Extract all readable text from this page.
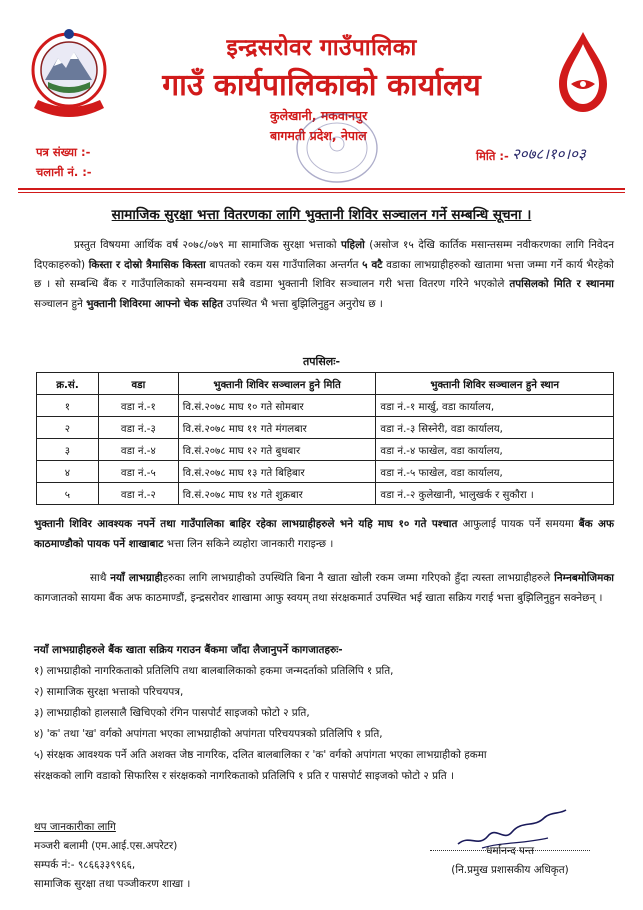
इन्द्रसरोवर गाउँपालिका
गाउँ कार्यपालिकाको कार्यालय
कुलेखानी, मकवानपुर
बागमती प्रदेश, नेपाल
पत्र संख्या :-
चलानी नं. :-
मिति :- २०७८।१०।०३
सामाजिक सुरक्षा भत्ता वितरणका लागि भुक्तानी शिविर सञ्चालन गर्ने सम्बन्धि सूचना ।

प्रस्तुत विषयमा आर्थिक वर्ष २०७८/०७९ मा सामाजिक सुरक्षा भत्ताको पहिलो (असोज १५ देखि कार्तिक मसान्तसम्म नवीकरणका लागि निवेदन दिएकाहरुको) किस्ता र दोस्रो त्रैमासिक किस्ता बापतको रकम यस गाउँपालिका अन्तर्गत ५ वटै वडाका लाभग्राहीहरुको खातामा भत्ता जम्मा गर्ने कार्य भैरहेको छ । सो सम्बन्धि बैंक र गाउँपालिकाको समन्वयमा सबै वडामा भुक्तानी शिविर सञ्चालन गरी भत्ता वितरण गरिने भएकोले तपसिलको मिति र स्थानमा सञ्चालन हुने भुक्तानी शिविरमा आफ्नो चेक सहित उपस्थित भै भत्ता बुझिलिनुहुन अनुरोध छ ।

तपसिलः-
क्र.सं.	वडा	भुक्तानी शिविर सञ्चालन हुने मिति	भुक्तानी शिविर सञ्चालन हुने स्थान
१	वडा नं.-१	वि.सं.२०७८ माघ १० गते सोमबार	वडा नं.-१ मार्खु, वडा कार्यालय,
२	वडा नं.-३	वि.सं.२०७८ माघ ११ गते मंगलबार	वडा नं.-३ सिस्नेरी, वडा कार्यालय,
३	वडा नं.-४	वि.सं.२०७८ माघ १२ गते बुधबार	वडा नं.-४ फाखेल, वडा कार्यालय,
४	वडा नं.-५	वि.सं.२०७८ माघ १३ गते बिहिबार	वडा नं.-५ फाखेल, वडा कार्यालय,
५	वडा नं.-२	वि.सं.२०७८ माघ १४ गते शुक्रबार	वडा नं.-२ कुलेखानी, भालुखर्क र सुकौरा ।

भुक्तानी शिविर आवश्यक नपर्ने तथा गाउँपालिका बाहिर रहेका लाभग्राहीहरुले भने यहि माघ १० गते पश्चात आफुलाई पायक पर्ने समयमा बैंक अफ काठमाण्डौको पायक पर्ने शाखाबाट भत्ता लिन सकिने व्यहोरा जानकारी गराइन्छ ।

साथै नयाँ लाभग्राहीहरुका लागि लाभग्राहीको उपस्थिति बिना नै खाता खोली रकम जम्मा गरिएको हुँदा त्यस्ता लाभग्राहीहरुले निम्नबमोजिमका कागजातको सायमा बैंक अफ काठमाण्डौं, इन्द्रसरोवर शाखामा आफु स्वयम् तथा संरक्षकमार्त उपस्थित भई खाता सक्रिय गराई भत्ता बुझिलिनुहुन सक्नेछन् ।

नयाँ लाभग्राहीहरुले बैंक खाता सक्रिय गराउन बैंकमा जाँदा लैजानुपर्ने कागजातहरुः-
१) लाभग्राहीको नागरिकताको प्रतिलिपि तथा बालबालिकाको हकमा जन्मदर्ताको प्रतिलिपि १ प्रति,
२) सामाजिक सुरक्षा भत्ताको परिचयपत्र,
३) लाभग्राहीको हालसालै खिचिएको रंगिन पासपोर्ट साइजको फोटो २ प्रति,
४) 'क' तथा 'ख' वर्गको अपांगता भएका लाभग्राहीको अपांगता परिचयपत्रको प्रतिलिपि १ प्रति,
५) संरक्षक आवश्यक पर्ने अति अशक्त जेष्ठ नागरिक, दलित बालबालिका र 'क' वर्गको अपांगता भएका लाभग्राहीको हकमा
संरक्षकको लागि वडाको सिफारिस र संरक्षकको नागरिकताको प्रतिलिपि १ प्रति र पासपोर्ट साइजको फोटो २ प्रति ।
थप जानकारीका लागि
मञ्जरी बलामी (एम.आई.एस.अपरेटर)
सम्पर्क नं:- ९८६६३३९९६६,
सामाजिक सुरक्षा तथा पञ्जीकरण शाखा ।
धर्मानन्द पन्त
(नि.प्रमुख प्रशासकीय अधिकृत)
